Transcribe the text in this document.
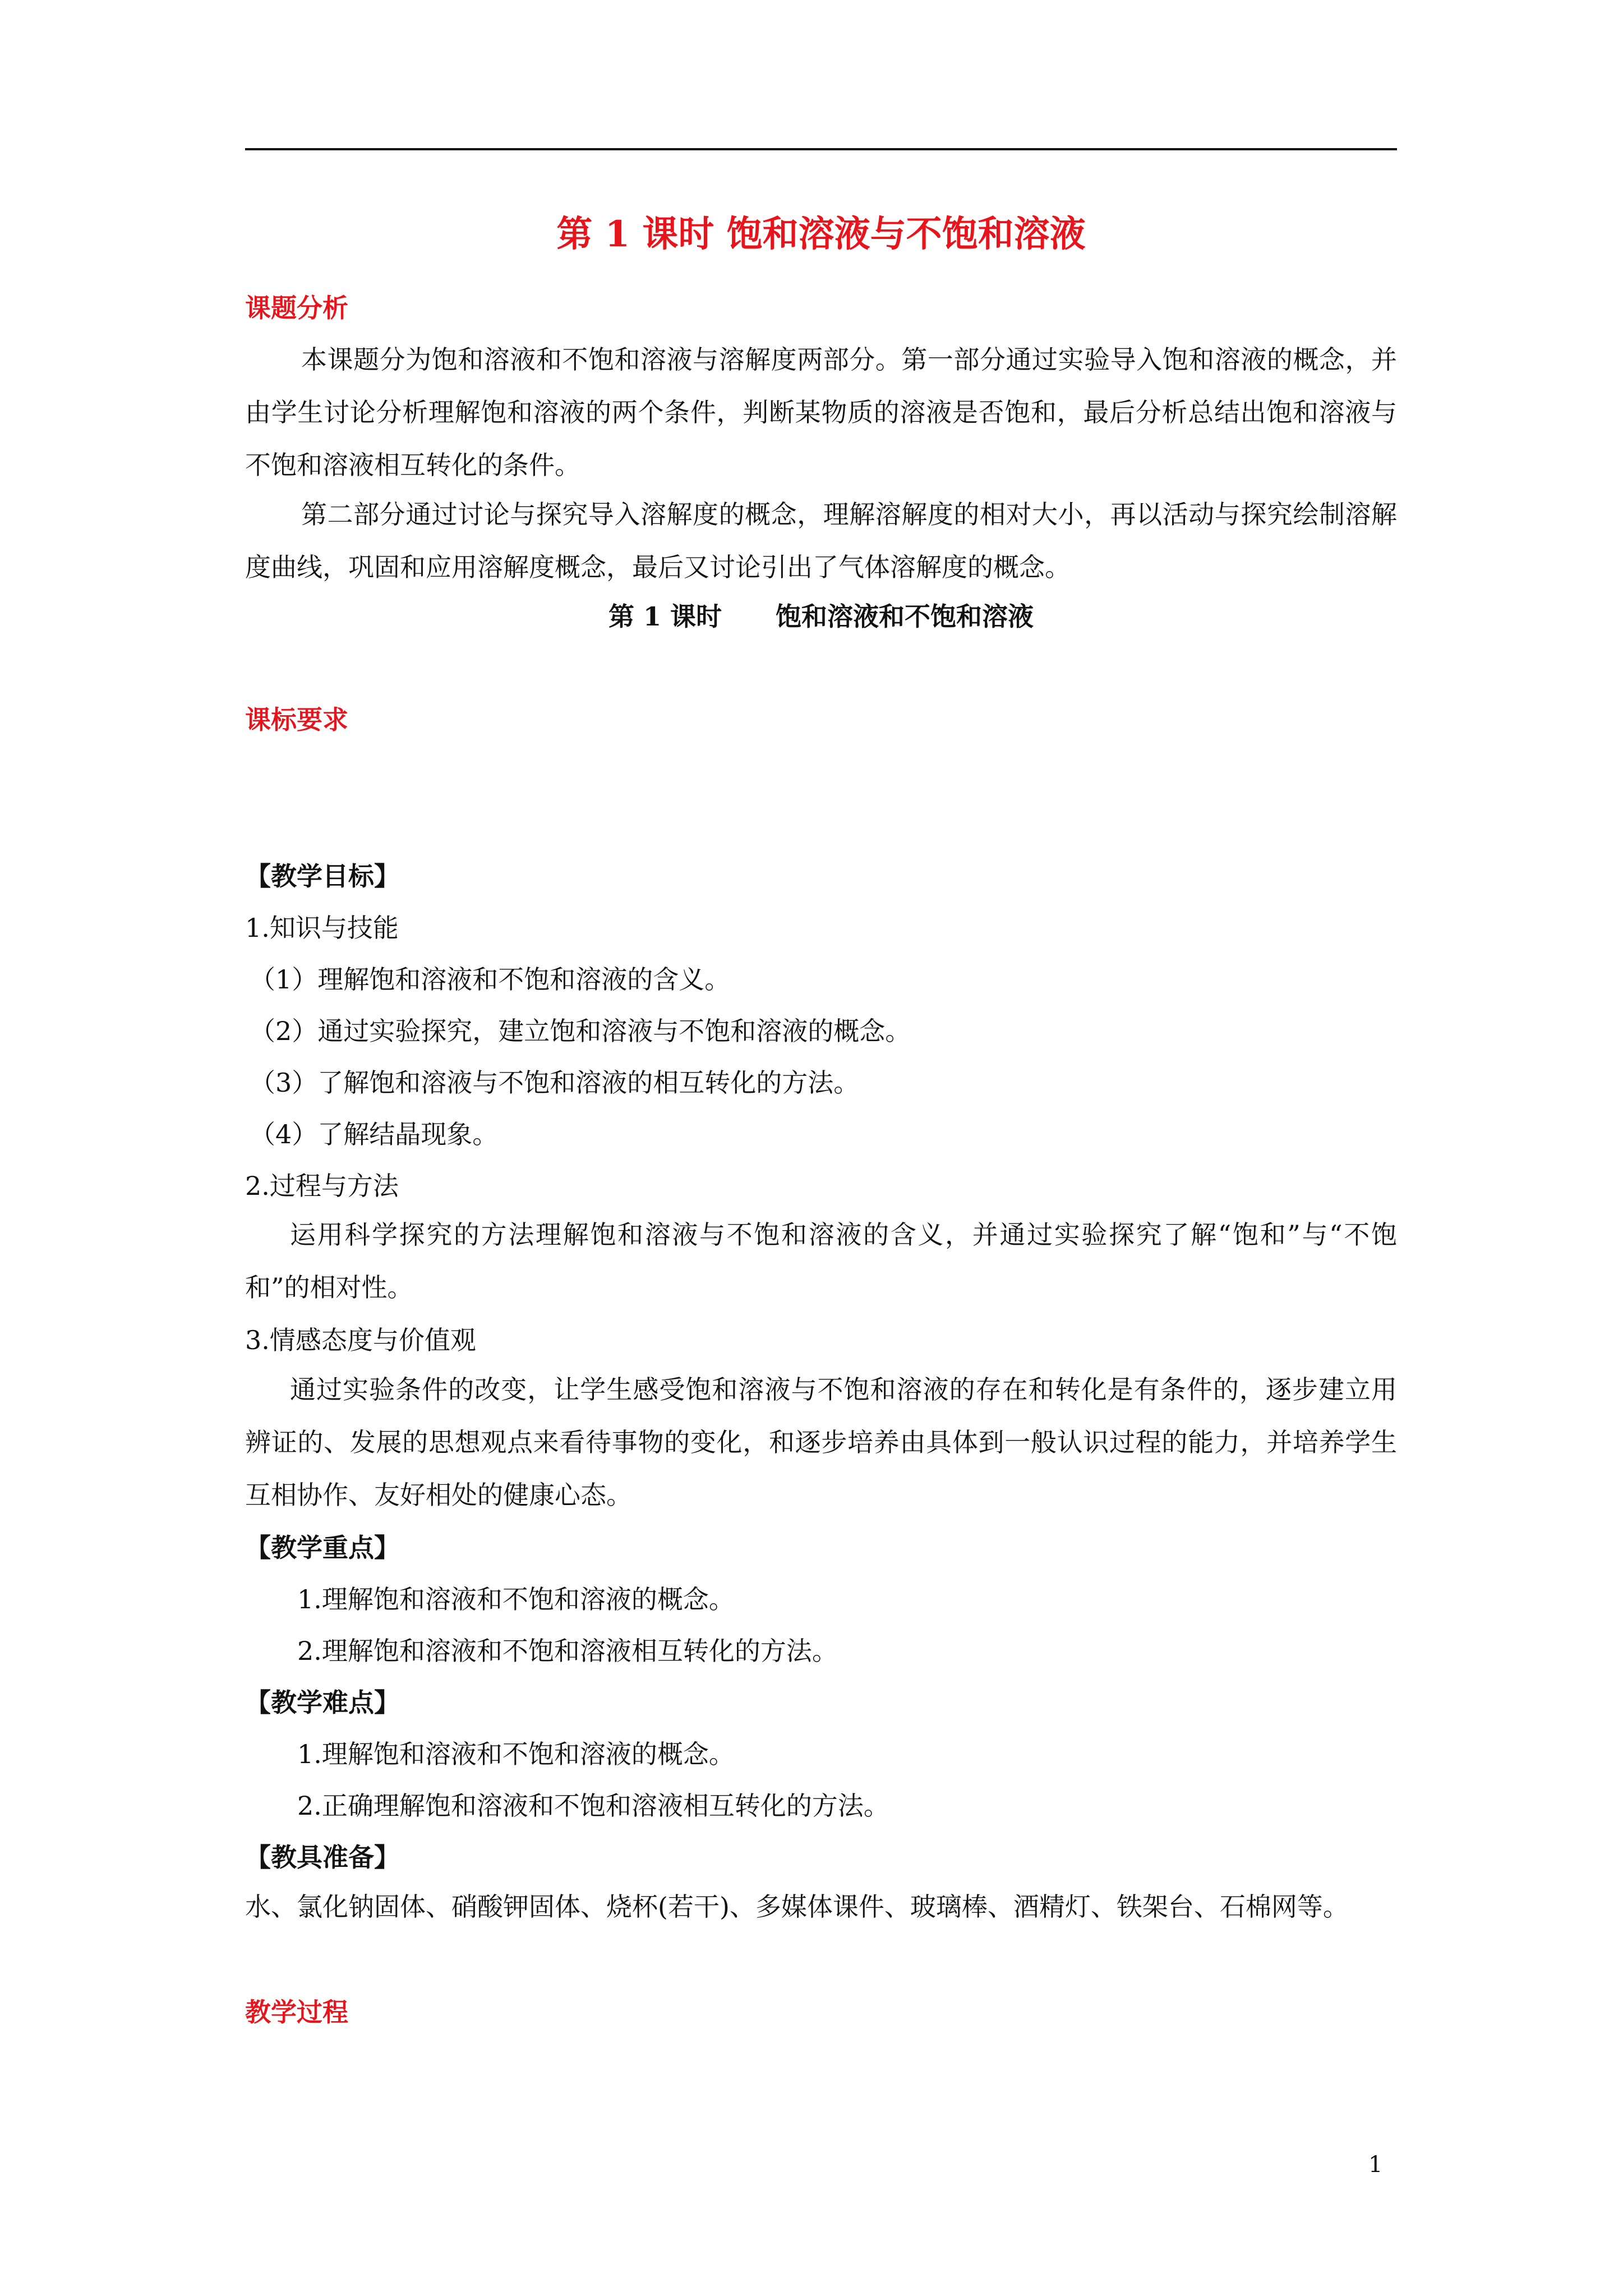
第 1 课时 饱和溶液与不饱和溶液
课题分析

本课题分为饱和溶液和不饱和溶液与溶解度两部分。第一部分通过实验导入饱和溶液的概念，并由学生讨论分析理解饱和溶液的两个条件，判断某物质的溶液是否饱和，最后分析总结出饱和溶液与不饱和溶液相互转化的条件。

第二部分通过讨论与探究导入溶解度的概念，理解溶解度的相对大小，再以活动与探究绘制溶解度曲线，巩固和应用溶解度概念，最后又讨论引出了气体溶解度的概念。

第 1 课时      饱和溶液和不饱和溶液
课标要求
【教学目标】
1.知识与技能
（1）理解饱和溶液和不饱和溶液的含义。
（2）通过实验探究，建立饱和溶液与不饱和溶液的概念。
（3）了解饱和溶液与不饱和溶液的相互转化的方法。
（4）了解结晶现象。
2.过程与方法

运用科学探究的方法理解饱和溶液与不饱和溶液的含义，并通过实验探究了解“饱和”与“不饱和”的相对性。

3.情感态度与价值观

通过实验条件的改变，让学生感受饱和溶液与不饱和溶液的存在和转化是有条件的，逐步建立用辨证的、发展的思想观点来看待事物的变化，和逐步培养由具体到一般认识过程的能力，并培养学生互相协作、友好相处的健康心态。

【教学重点】
1.理解饱和溶液和不饱和溶液的概念。
2.理解饱和溶液和不饱和溶液相互转化的方法。
【教学难点】
1.理解饱和溶液和不饱和溶液的概念。
2.正确理解饱和溶液和不饱和溶液相互转化的方法。
【教具准备】

水、氯化钠固体、硝酸钾固体、烧杯(若干)、多媒体课件、玻璃棒、酒精灯、铁架台、石棉网等。

教学过程
1
